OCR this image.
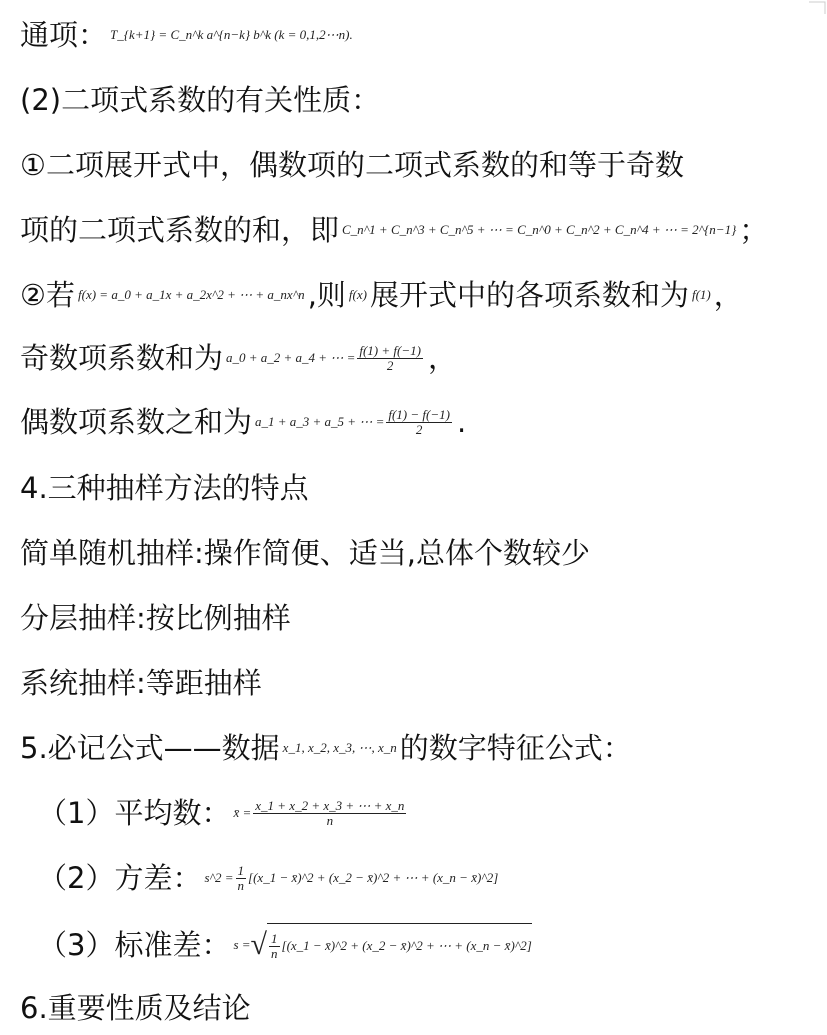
通项： T_{k+1} = C_n^k a^{n−k} b^k (k = 0,1,2⋯n).
(2)二项式系数的有关性质：
①二项展开式中，偶数项的二项式系数的和等于奇数
项的二项式系数的和，即 C_n^1 + C_n^3 + C_n^5 + ⋯ = C_n^0 + C_n^2 + C_n^4 + ⋯ = 2^{n−1} ；
②若 f(x) = a_0 + a_1x + a_2x^2 + ⋯ + a_nx^n ,则 f(x) 展开式中的各项系数和为 f(1) ，
奇数项系数和为 a_0 + a_2 + a_4 + ⋯ = $\frac{f(1) + f(-1)}{2}$ ，
偶数项系数之和为 a_1 + a_3 + a_5 + ⋯ = $\frac{f(1) - f(-1)}{2}$ .
4.三种抽样方法的特点
简单随机抽样:操作简便、适当,总体个数较少
分层抽样:按比例抽样
系统抽样:等距抽样
5.必记公式——数据 x_1, x_2, x_3, ⋯, x_n 的数字特征公式：
（1）平均数： x̄ = $\frac{x\_1 + x\_2 + x\_3 + \cdots + x\_n}{n}$
（2）方差： s^2 = $\frac{1}{n}$ [(x_1 − x̄)^2 + (x_2 − x̄)^2 + ⋯ + (x_n − x̄)^2]
（3）标准差： s = √ $\frac{1}{n}$ [(x_1 − x̄)^2 + (x_2 − x̄)^2 + ⋯ + (x_n − x̄)^2]
6.重要性质及结论
